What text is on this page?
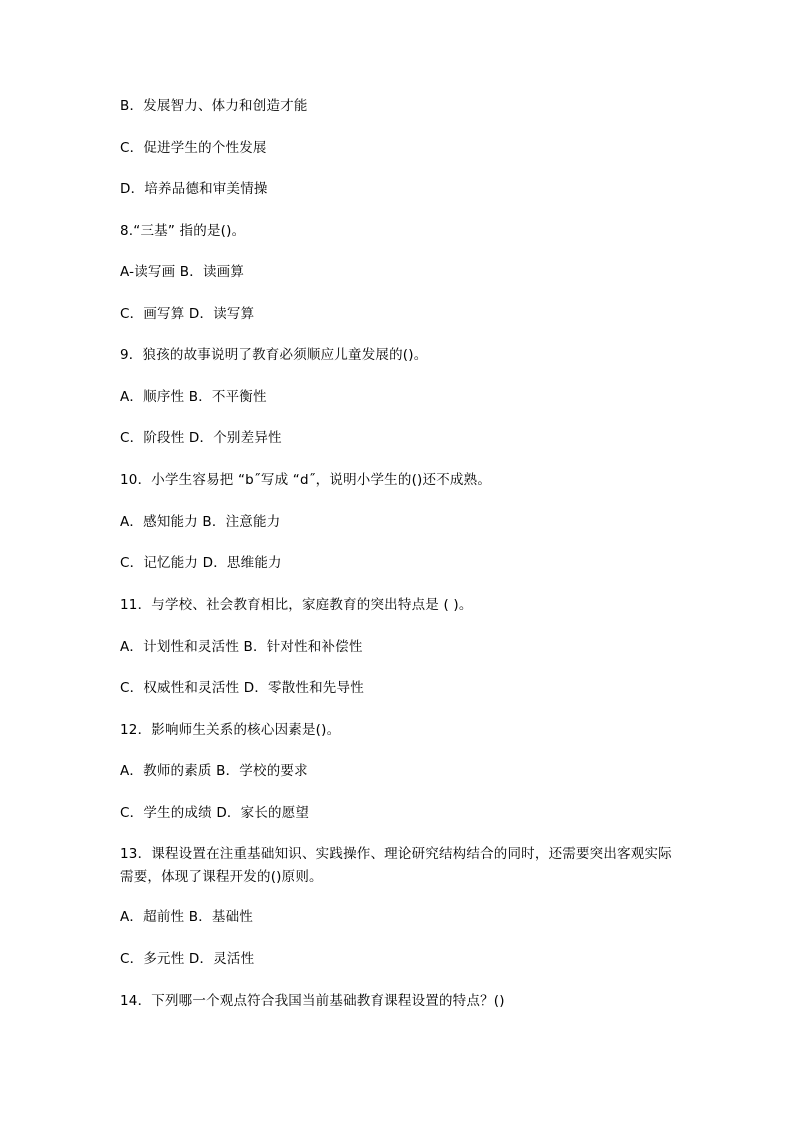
B．发展智力、体力和创造才能
C．促进学生的个性发展
D．培养品德和审美情操
8.“三基” 指的是()。
A-读写画 B．读画算
C．画写算 D．读写算
9．狼孩的故事说明了教育必须顺应儿童发展的()。
A．顺序性 B．不平衡性
C．阶段性 D．个别差异性
10．小学生容易把 “b˝写成 “d˝，说明小学生的()还不成熟。
A．感知能力 B．注意能力
C．记忆能力 D．思维能力
11．与学校、社会教育相比，家庭教育的突出特点是 ( )。
A．计划性和灵活性 B．针对性和补偿性
C．权威性和灵活性 D．零散性和先导性
12．影响师生关系的核心因素是()。
A．教师的素质 B．学校的要求
C．学生的成绩 D．家长的愿望
13．课程设置在注重基础知识、实践操作、理论研究结构结合的同时，还需要突出客观实际需要，体现了课程开发的()原则。
A．超前性 B．基础性
C．多元性 D．灵活性
14．下列哪一个观点符合我国当前基础教育课程设置的特点？()
